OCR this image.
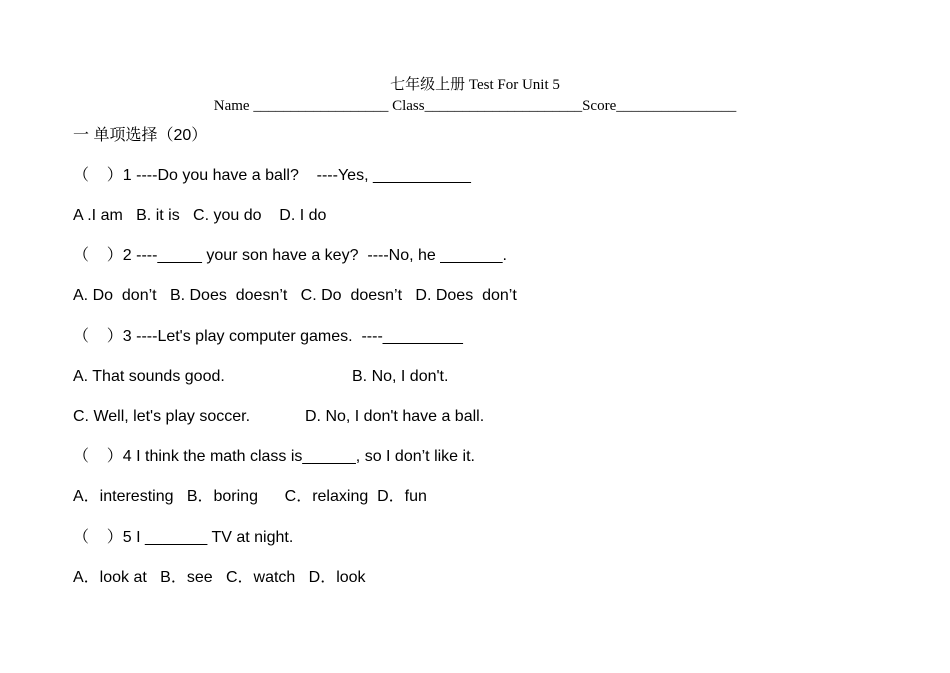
七年级上册 Test For Unit 5
Name __________________ Class_____________________Score________________
一 单项选择（20）
（    ）1 ----Do you have a ball?    ----Yes, ___________
A .I am   B. it is   C. you do    D. I do
（    ）2 ----_____ your son have a key?  ----No, he _______.
A. Do  don’t   B. Does  doesn’t   C. Do  doesn’t   D. Does  don’t
（    ）3 ----Let's play computer games.  ----_________
A. That sounds good.	B. No, I don't.
C. Well, let's play soccer.	D. No, I don't have a ball.
（    ）4 I think the math class is______, so I don’t like it.
A．interesting   B．boring      C．relaxing  D．fun
（    ）5 I _______ TV at night.
A．look at   B．see   C．watch   D．look
